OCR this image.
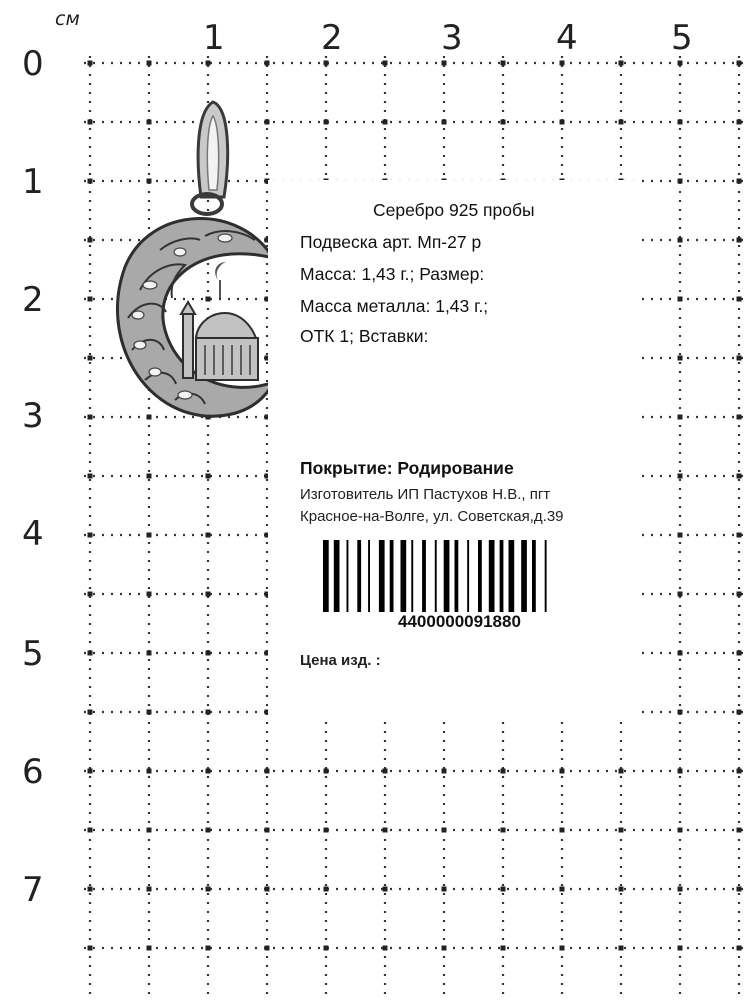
см	1	2	3	4	5
0
1
2
3
4
5
6
7
Серебро 925 пробы
Подвеска арт. Мп-27 р
Масса: 1,43 г.; Размер:
Масса металла: 1,43 г.;
ОТК 1; Вставки:
Покрытие: Родирование
Изготовитель ИП Пастухов Н.В., пгт
Красное-на-Волге, ул. Советская,д.39
4400000091880
Цена изд. :
